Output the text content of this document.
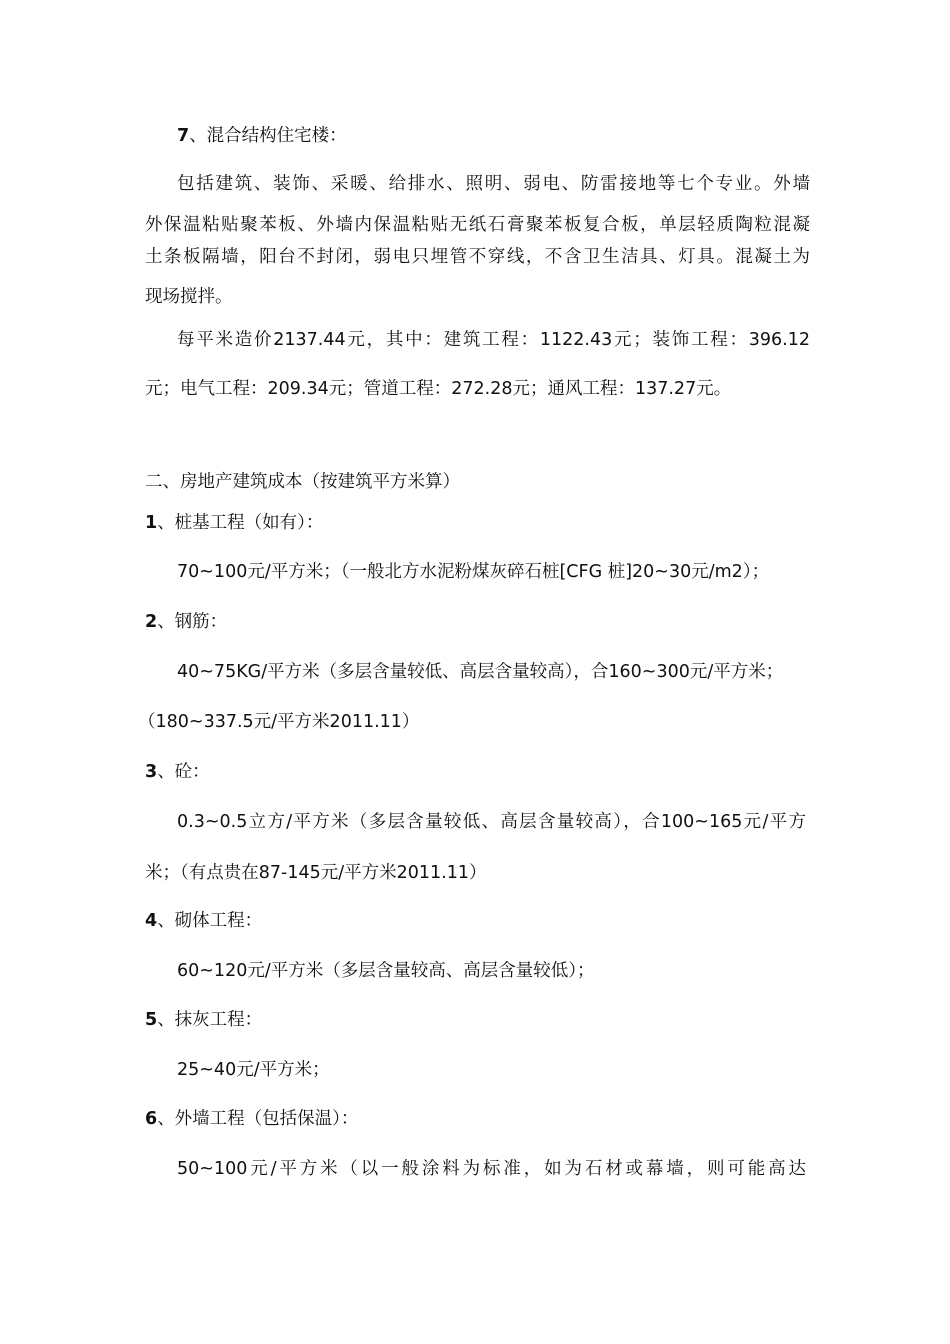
7、混合结构住宅楼：
包括建筑、装饰、采暖、给排水、照明、弱电、防雷接地等七个专业。外墙
外保温粘贴聚苯板、外墙内保温粘贴无纸石膏聚苯板复合板，单层轻质陶粒混凝
土条板隔墙，阳台不封闭，弱电只埋管不穿线，不含卫生洁具、灯具。混凝土为
现场搅拌。
每平米造价2137.44元，其中：建筑工程：1122.43元；装饰工程：396.12
元；电气工程：209.34元；管道工程：272.28元；通风工程：137.27元。
二、房地产建筑成本（按建筑平方米算）
1、桩基工程（如有）：
70~100元/平方米；（一般北方水泥粉煤灰碎石桩[CFG 桩]20~30元/m2）；
2、钢筋：
40~75KG/平方米（多层含量较低、高层含量较高），合160~300元/平方米；
（180~337.5元/平方米2011.11）
3、砼：
0.3~0.5立方/平方米（多层含量较低、高层含量较高），合100~165元/平方
米；（有点贵在87-145元/平方米2011.11）
4、砌体工程：
60~120元/平方米（多层含量较高、高层含量较低）；
5、抹灰工程：
25~40元/平方米；
6、外墙工程（包括保温）：
50~100元/平方米（以一般涂料为标准，如为石材或幕墙，则可能高达
